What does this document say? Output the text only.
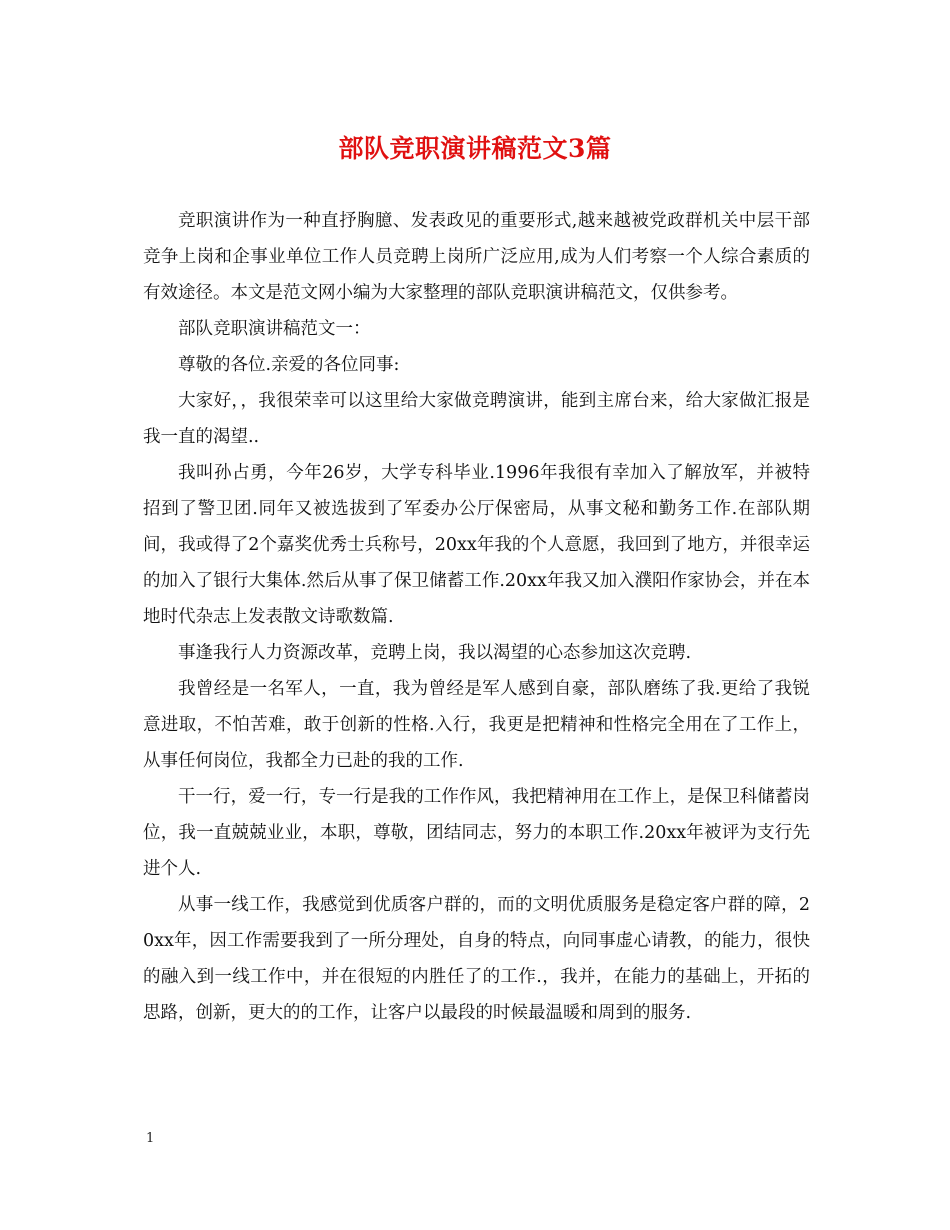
部队竞职演讲稿范文3篇

竞职演讲作为一种直抒胸臆、发表政见的重要形式,越来越被党政群机关中层干部竞争上岗和企事业单位工作人员竞聘上岗所广泛应用,成为人们考察一个人综合素质的有效途径。本文是范文网小编为大家整理的部队竞职演讲稿范文，仅供参考。

部队竞职演讲稿范文一：

尊敬的各位.亲爱的各位同事:

大家好，，我很荣幸可以这里给大家做竞聘演讲，能到主席台来，给大家做汇报是我一直的渴望..

我叫孙占勇，今年26岁，大学专科毕业.1996年我很有幸加入了解放军，并被特招到了警卫团.同年又被选拔到了军委办公厅保密局，从事文秘和勤务工作.在部队期间，我或得了2个嘉奖优秀士兵称号，20xx年我的个人意愿，我回到了地方，并很幸运的加入了银行大集体.然后从事了保卫储蓄工作.20xx年我又加入濮阳作家协会，并在本地时代杂志上发表散文诗歌数篇.

事逢我行人力资源改革，竞聘上岗，我以渴望的心态参加这次竞聘.

我曾经是一名军人，一直，我为曾经是军人感到自豪，部队磨练了我.更给了我锐意进取，不怕苦难，敢于创新的性格.入行，我更是把精神和性格完全用在了工作上，从事任何岗位，我都全力已赴的我的工作.

干一行，爱一行，专一行是我的工作作风，我把精神用在工作上，是保卫科储蓄岗位，我一直兢兢业业，本职，尊敬，团结同志，努力的本职工作.20xx年被评为支行先进个人.

从事一线工作，我感觉到优质客户群的，而的文明优质服务是稳定客户群的障，20xx年，因工作需要我到了一所分理处，自身的特点，向同事虚心请教，的能力，很快的融入到一线工作中，并在很短的内胜任了的工作.，我并，在能力的基础上，开拓的思路，创新，更大的的工作，让客户以最段的时候最温暖和周到的服务.

1
